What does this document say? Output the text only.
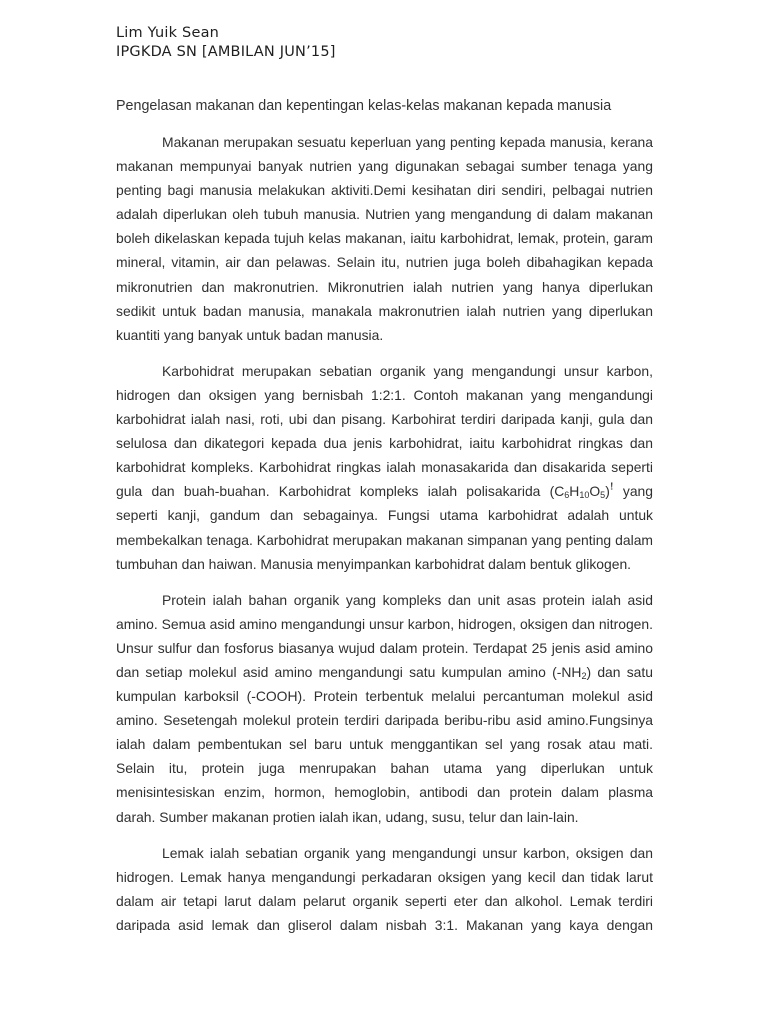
Lim Yuik Sean
IPGKDA SN [AMBILAN JUN’15]
Pengelasan makanan dan kepentingan kelas-kelas makanan kepada manusia

Makanan merupakan sesuatu keperluan yang penting kepada manusia, kerana makanan mempunyai banyak nutrien yang digunakan sebagai sumber tenaga yang penting bagi manusia melakukan aktiviti.Demi kesihatan diri sendiri, pelbagai nutrien adalah diperlukan oleh tubuh manusia. Nutrien yang mengandung di dalam makanan boleh dikelaskan kepada tujuh kelas makanan, iaitu karbohidrat, lemak, protein, garam mineral, vitamin, air dan pelawas. Selain itu, nutrien juga boleh dibahagikan kepada mikronutrien dan makronutrien. Mikronutrien ialah nutrien yang hanya diperlukan sedikit untuk badan manusia, manakala makronutrien ialah nutrien yang diperlukan kuantiti yang banyak untuk badan manusia.

Karbohidrat merupakan sebatian organik yang mengandungi unsur karbon, hidrogen dan oksigen yang bernisbah 1:2:1. Contoh makanan yang mengandungi karbohidrat ialah nasi, roti, ubi dan pisang. Karbohirat terdiri daripada kanji, gula dan selulosa dan dikategori kepada dua jenis karbohidrat, iaitu karbohidrat ringkas dan karbohidrat kompleks. Karbohidrat ringkas ialah monasakarida dan disakarida seperti gula dan buah-buahan. Karbohidrat kompleks ialah polisakarida $(C_6H_{10}O_5)ꜝ$ yang seperti kanji, gandum dan sebagainya. Fungsi utama karbohidrat adalah untuk membekalkan tenaga. Karbohidrat merupakan makanan simpanan yang penting dalam tumbuhan dan haiwan. Manusia menyimpankan karbohidrat dalam bentuk glikogen.

Protein ialah bahan organik yang kompleks dan unit asas protein ialah asid amino. Semua asid amino mengandungi unsur karbon, hidrogen, oksigen dan nitrogen. Unsur sulfur dan fosforus biasanya wujud dalam protein. Terdapat 25 jenis asid amino dan setiap molekul asid amino mengandungi satu kumpulan amino $(-NH_2)$ dan satu kumpulan karboksil (-COOH). Protein terbentuk melalui percantuman molekul asid amino. Sesetengah molekul protein terdiri daripada beribu-ribu asid amino.Fungsinya ialah dalam pembentukan sel baru untuk menggantikan sel yang rosak atau mati. Selain itu, protein juga menrupakan bahan utama yang diperlukan untuk menisintesiskan enzim, hormon, hemoglobin, antibodi dan protein dalam plasma darah. Sumber makanan protien ialah ikan, udang, susu, telur dan lain-lain.

Lemak ialah sebatian organik yang mengandungi unsur karbon, oksigen dan hidrogen. Lemak hanya mengandungi perkadaran oksigen yang kecil dan tidak larut dalam air tetapi larut dalam pelarut organik seperti eter dan alkohol. Lemak terdiri daripada asid lemak dan gliserol dalam nisbah 3:1. Makanan yang kaya dengan
